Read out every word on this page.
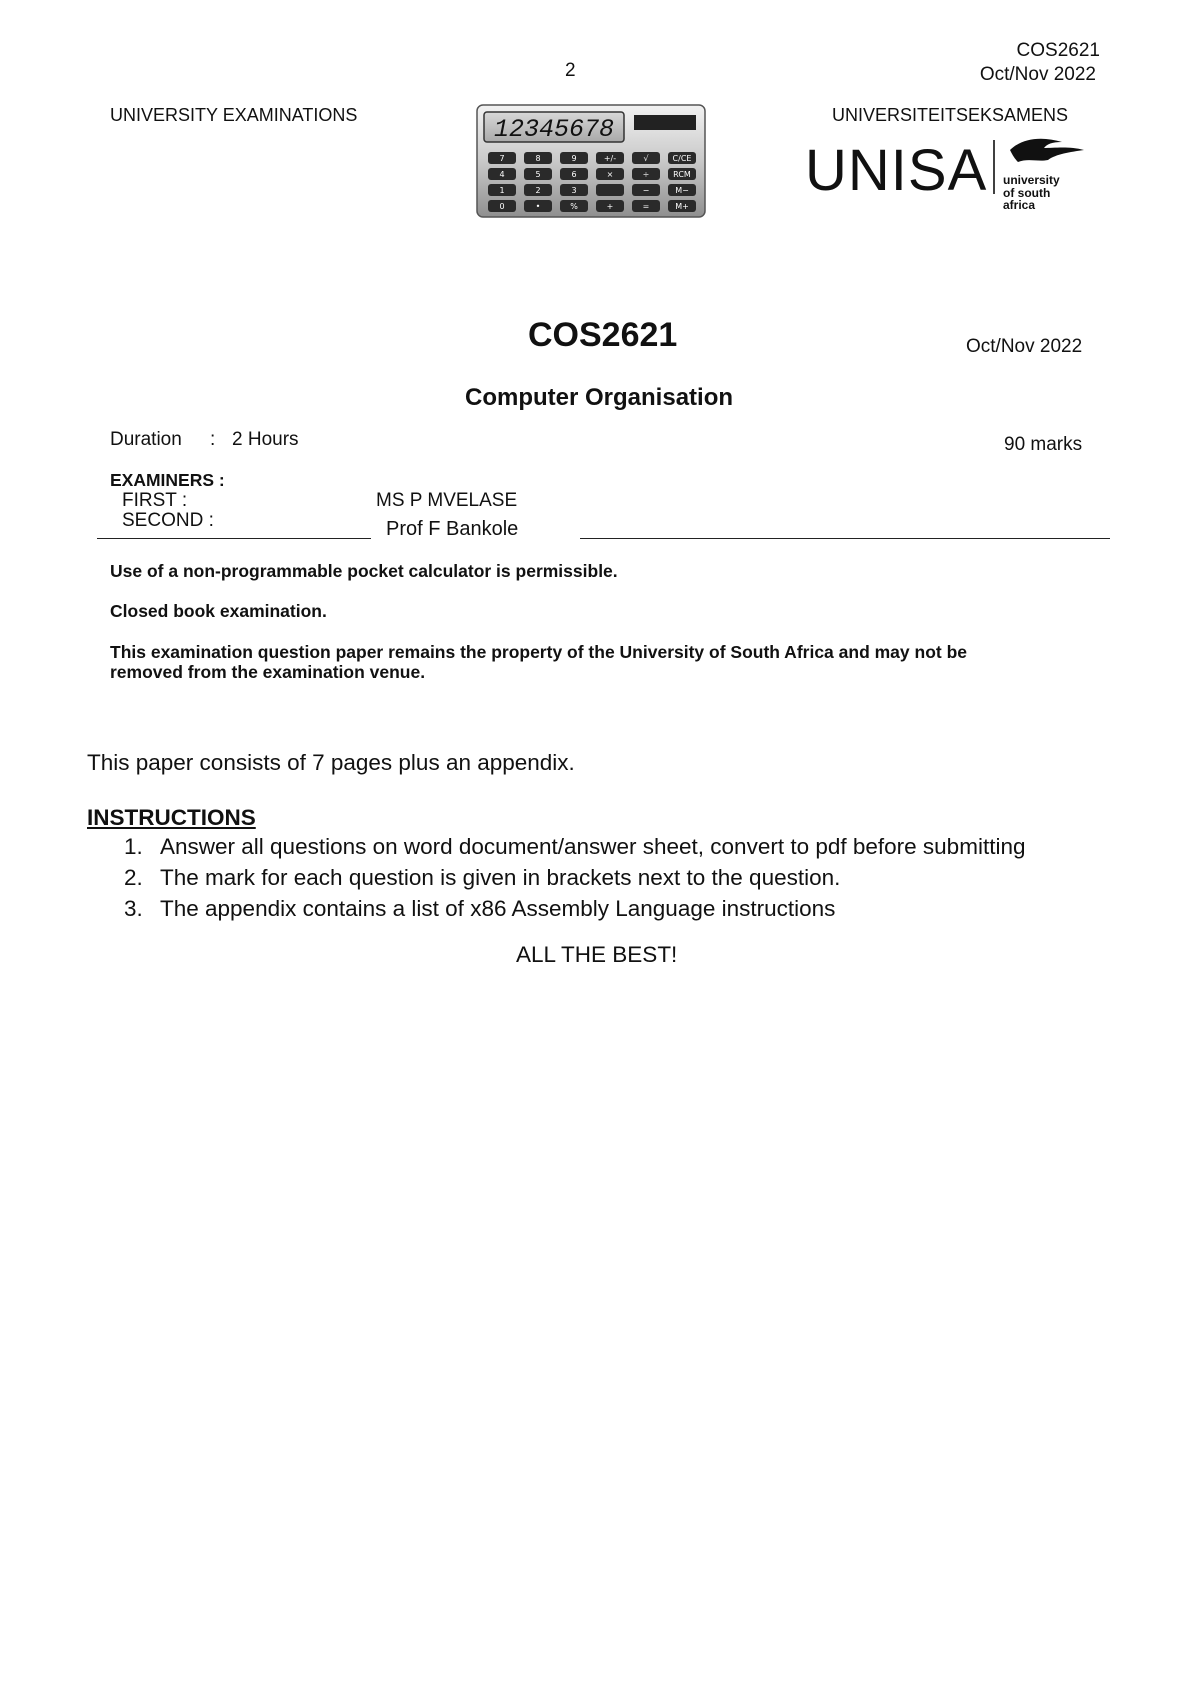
COS2621
Oct/Nov 2022
2
UNIVERSITY EXAMINATIONS	UNIVERSITEITSEKSAMENS
12345678
7	8	9	+/-	√	C/CE
4	5	6	×	÷	RCM
1	2	3	−	M−
0	•	%	+	=	M+
UNISA university
of south africa
COS2621	Oct/Nov 2022
Computer Organisation
Duration : 2 Hours	90 marks
EXAMINERS :
FIRST :	MS P MVELASE
SECOND :	Prof F Bankole
Use of a non-programmable pocket calculator is permissible.
Closed book examination.
This examination question paper remains the property of the University of South Africa and may not be
removed from the examination venue.
This paper consists of 7 pages plus an appendix.
INSTRUCTIONS
1. Answer all questions on word document/answer sheet, convert to pdf before submitting
2. The mark for each question is given in brackets next to the question.
3. The appendix contains a list of x86 Assembly Language instructions
ALL THE BEST!
